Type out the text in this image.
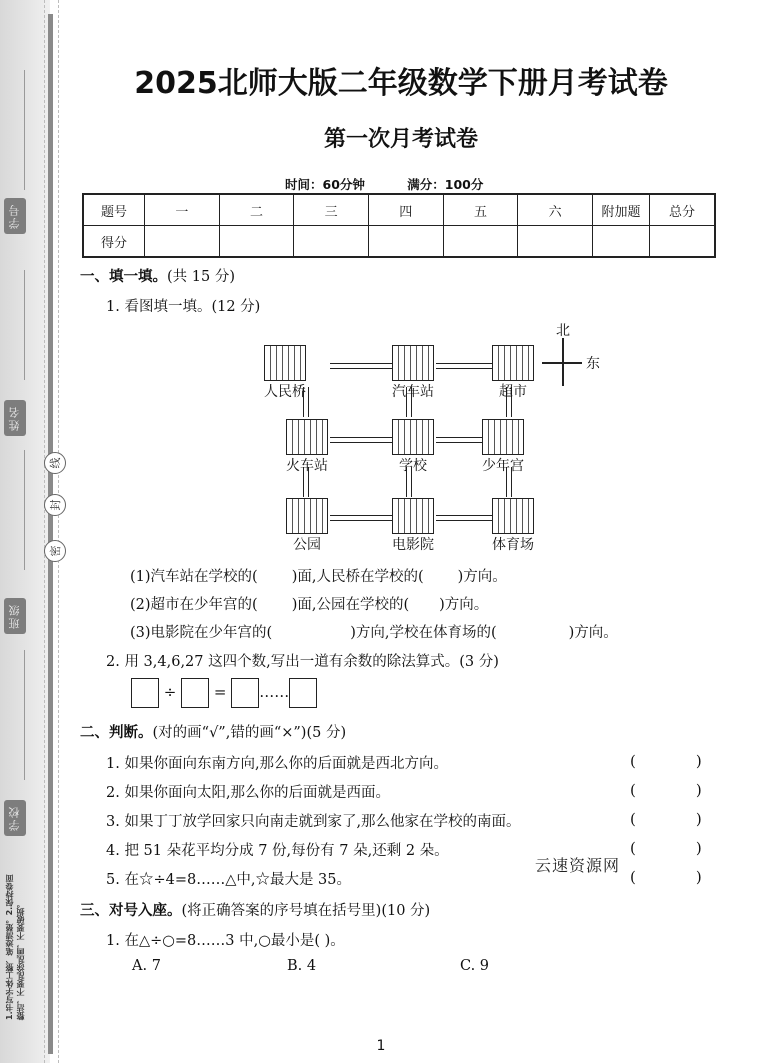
学号
姓名
班级
学校
线
封
密
1.书写字体工整、笔迹清楚。2.保持卷面整洁，不要乱涂乱画，不要破损。
2025北师大版二年级数学下册月考试卷
第一次月考试卷
时间：60分钟	满分：100分
题号	一	二	三	四	五	六	附加题	总分
得分								
一、填一填。(共 15 分)
1. 看图填一填。(12 分)
人民桥	汽车站	超市
火车站	学校	少年宫
公园	电影院	体育场
北
东
(1)汽车站在学校的( )面,人民桥在学校的( )方向。
(2)超市在少年宫的( )面,公园在学校的( )方向。
(3)电影院在少年宫的(	)方向,学校在体育场的(	)方向。
2. 用 3,4,6,27 这四个数,写出一道有余数的除法算式。(3 分)
÷	= ……
二、判断。(对的画“√”,错的画“×”)(5 分)
1. 如果你面向东南方向,那么你的后面就是西北方向。
2. 如果你面向太阳,那么你的后面就是西面。
3. 如果丁丁放学回家只向南走就到家了,那么他家在学校的南面。
4. 把 51 朵花平均分成 7 份,每份有 7 朵,还剩 2 朵。
5. 在☆÷4=8……△中,☆最大是 35。
(	)
(	)
(	)
(	)
(	)
云速资源网
三、对号入座。(将正确答案的序号填在括号里)(10 分)
1. 在△÷○=8……3 中,○最小是( )。
A. 7	B. 4	C. 9
1
